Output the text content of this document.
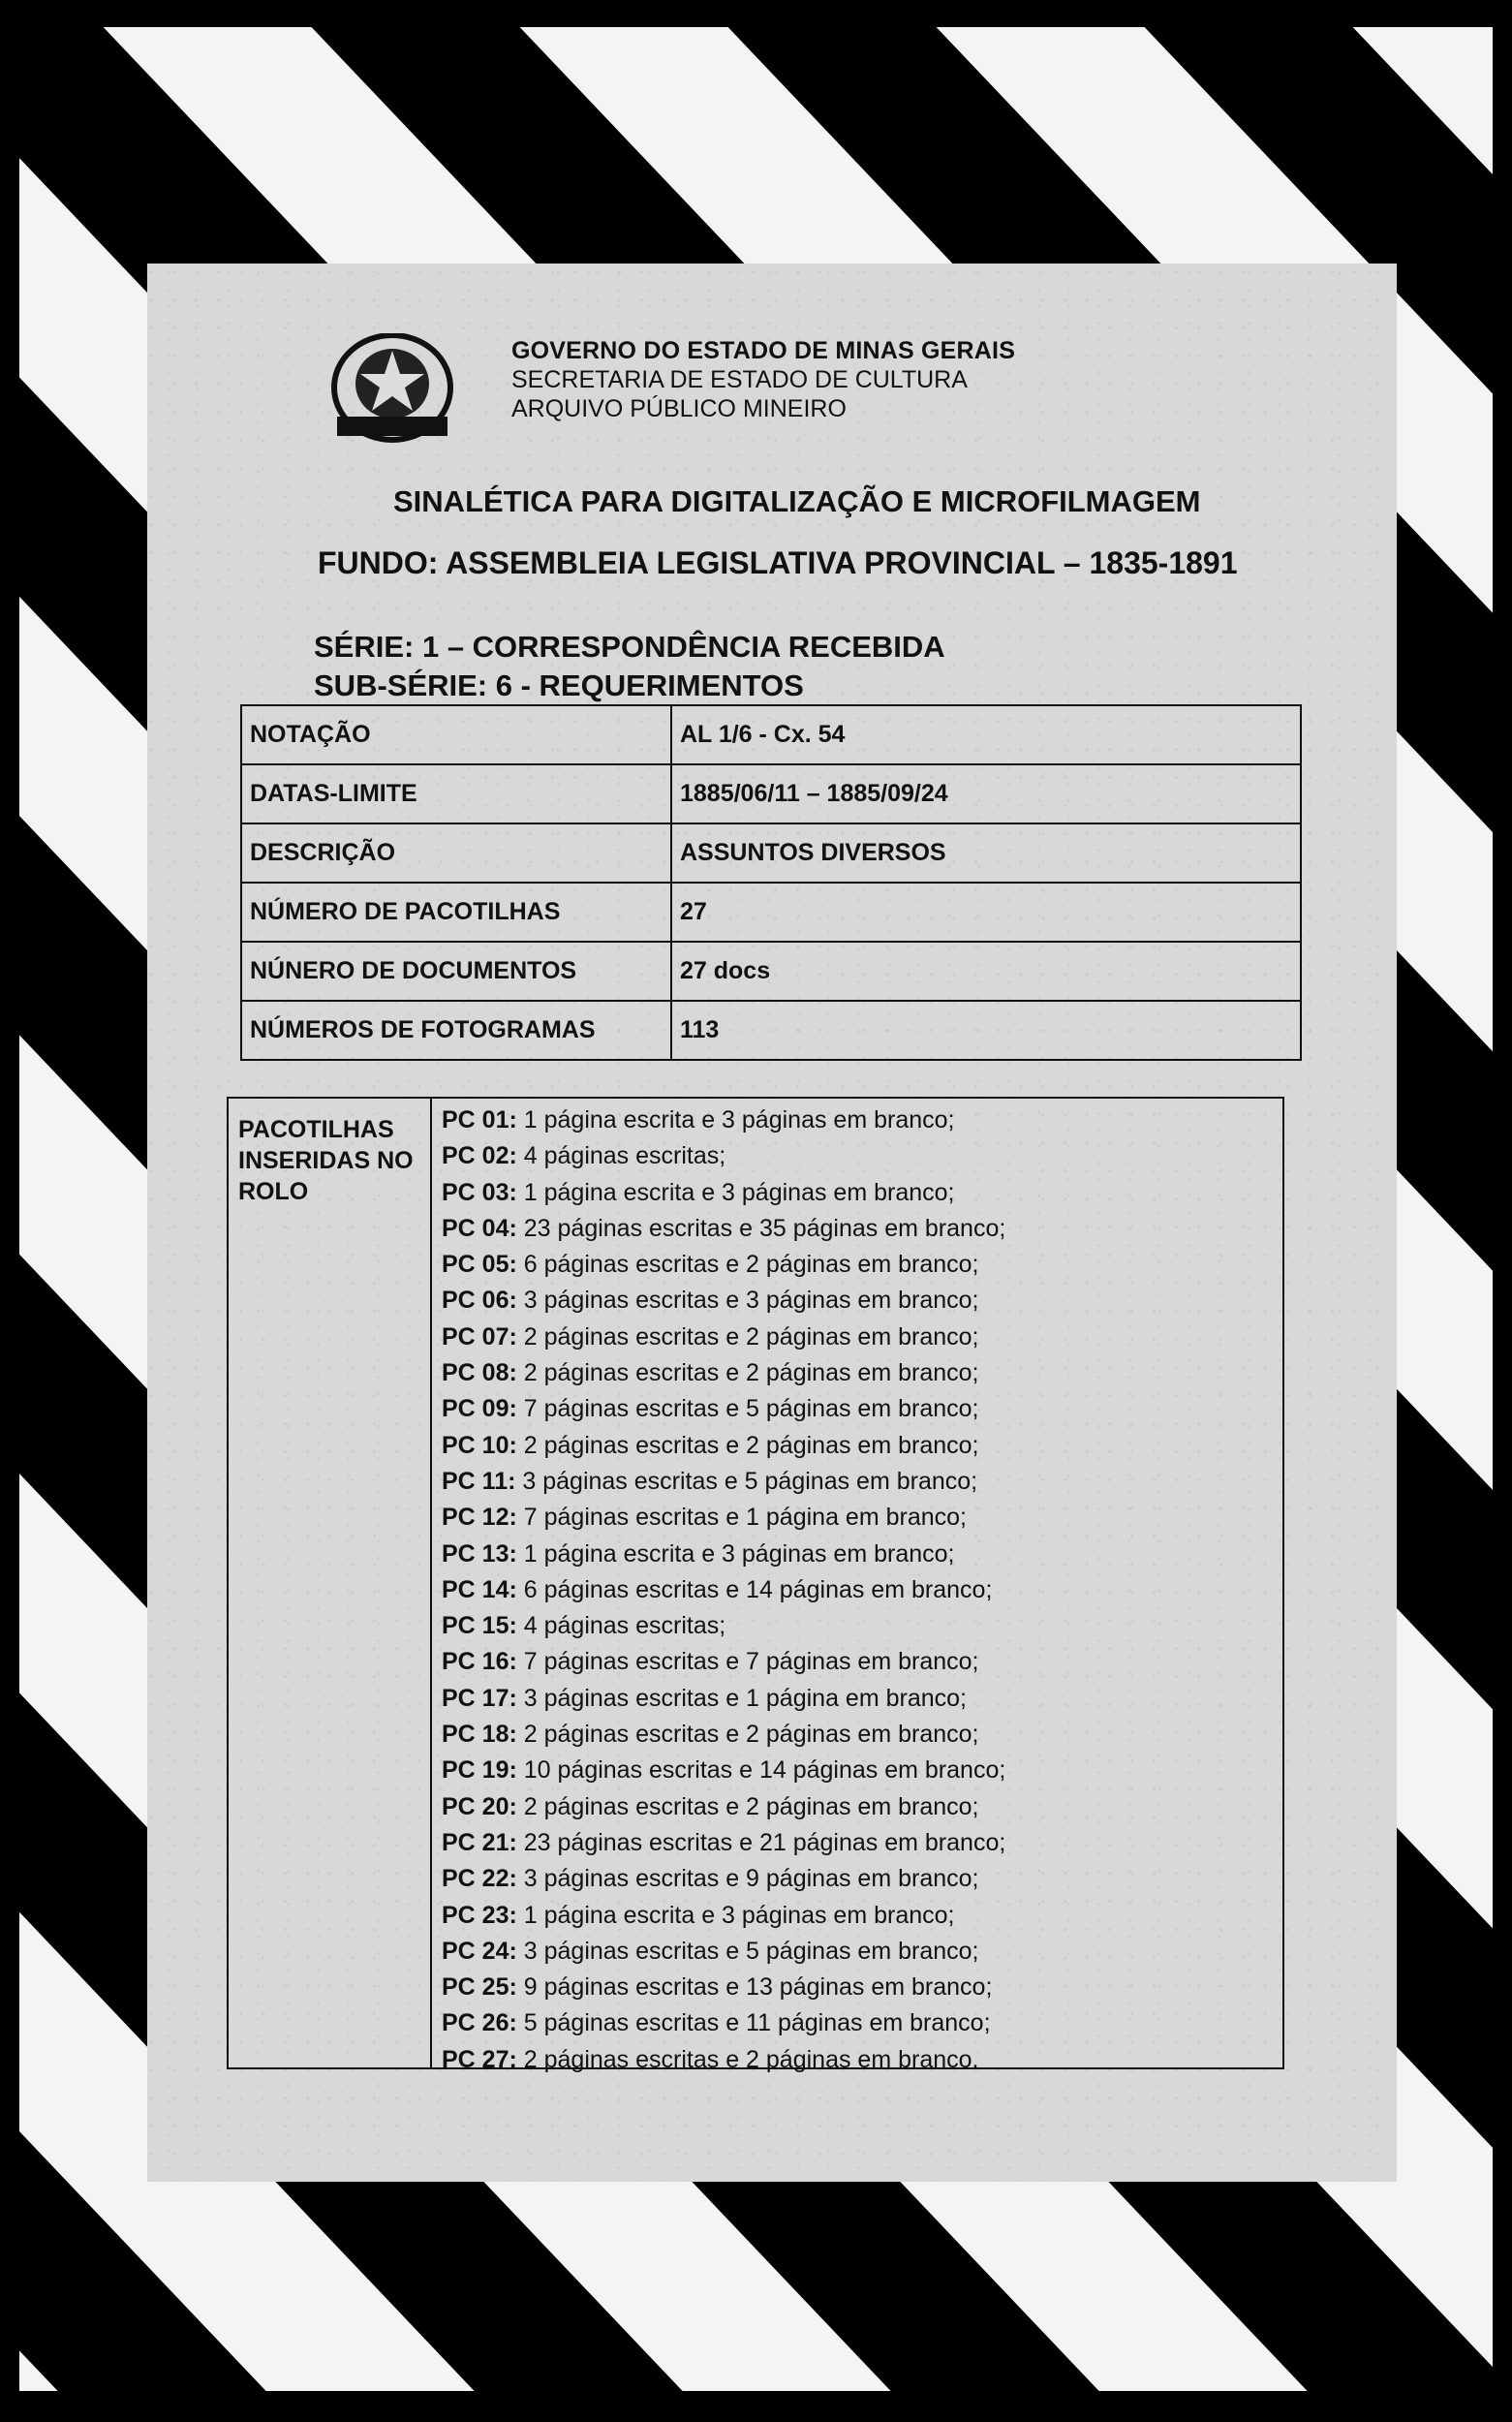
GOVERNO DO ESTADO DE MINAS GERAIS
SECRETARIA DE ESTADO DE CULTURA
ARQUIVO PÚBLICO MINEIRO
SINALÉTICA PARA DIGITALIZAÇÃO E MICROFILMAGEM
FUNDO: ASSEMBLEIA LEGISLATIVA PROVINCIAL – 1835-1891
SÉRIE: 1 – CORRESPONDÊNCIA RECEBIDA
SUB-SÉRIE: 6 - REQUERIMENTOS
NOTAÇÃO	AL 1/6 - Cx. 54
DATAS-LIMITE	1885/06/11 – 1885/09/24
DESCRIÇÃO	ASSUNTOS DIVERSOS
NÚMERO DE PACOTILHAS	27
NÚNERO DE DOCUMENTOS	27 docs
NÚMEROS DE FOTOGRAMAS	113
PACOTILHAS
INSERIDAS NO
ROLO
PC 01: 1 página escrita e 3 páginas em branco;
PC 02: 4 páginas escritas;
PC 03: 1 página escrita e 3 páginas em branco;
PC 04: 23 páginas escritas e 35 páginas em branco;
PC 05: 6 páginas escritas e 2 páginas em branco;
PC 06: 3 páginas escritas e 3 páginas em branco;
PC 07: 2 páginas escritas e 2 páginas em branco;
PC 08: 2 páginas escritas e 2 páginas em branco;
PC 09: 7 páginas escritas e 5 páginas em branco;
PC 10: 2 páginas escritas e 2 páginas em branco;
PC 11: 3 páginas escritas e 5 páginas em branco;
PC 12: 7 páginas escritas e 1 página em branco;
PC 13: 1 página escrita e 3 páginas em branco;
PC 14: 6 páginas escritas e 14 páginas em branco;
PC 15: 4 páginas escritas;
PC 16: 7 páginas escritas e 7 páginas em branco;
PC 17: 3 páginas escritas e 1 página em branco;
PC 18: 2 páginas escritas e 2 páginas em branco;
PC 19: 10 páginas escritas e 14 páginas em branco;
PC 20: 2 páginas escritas e 2 páginas em branco;
PC 21: 23 páginas escritas e 21 páginas em branco;
PC 22: 3 páginas escritas e 9 páginas em branco;
PC 23: 1 página escrita e 3 páginas em branco;
PC 24: 3 páginas escritas e 5 páginas em branco;
PC 25: 9 páginas escritas e 13 páginas em branco;
PC 26: 5 páginas escritas e 11 páginas em branco;
PC 27: 2 páginas escritas e 2 páginas em branco.
